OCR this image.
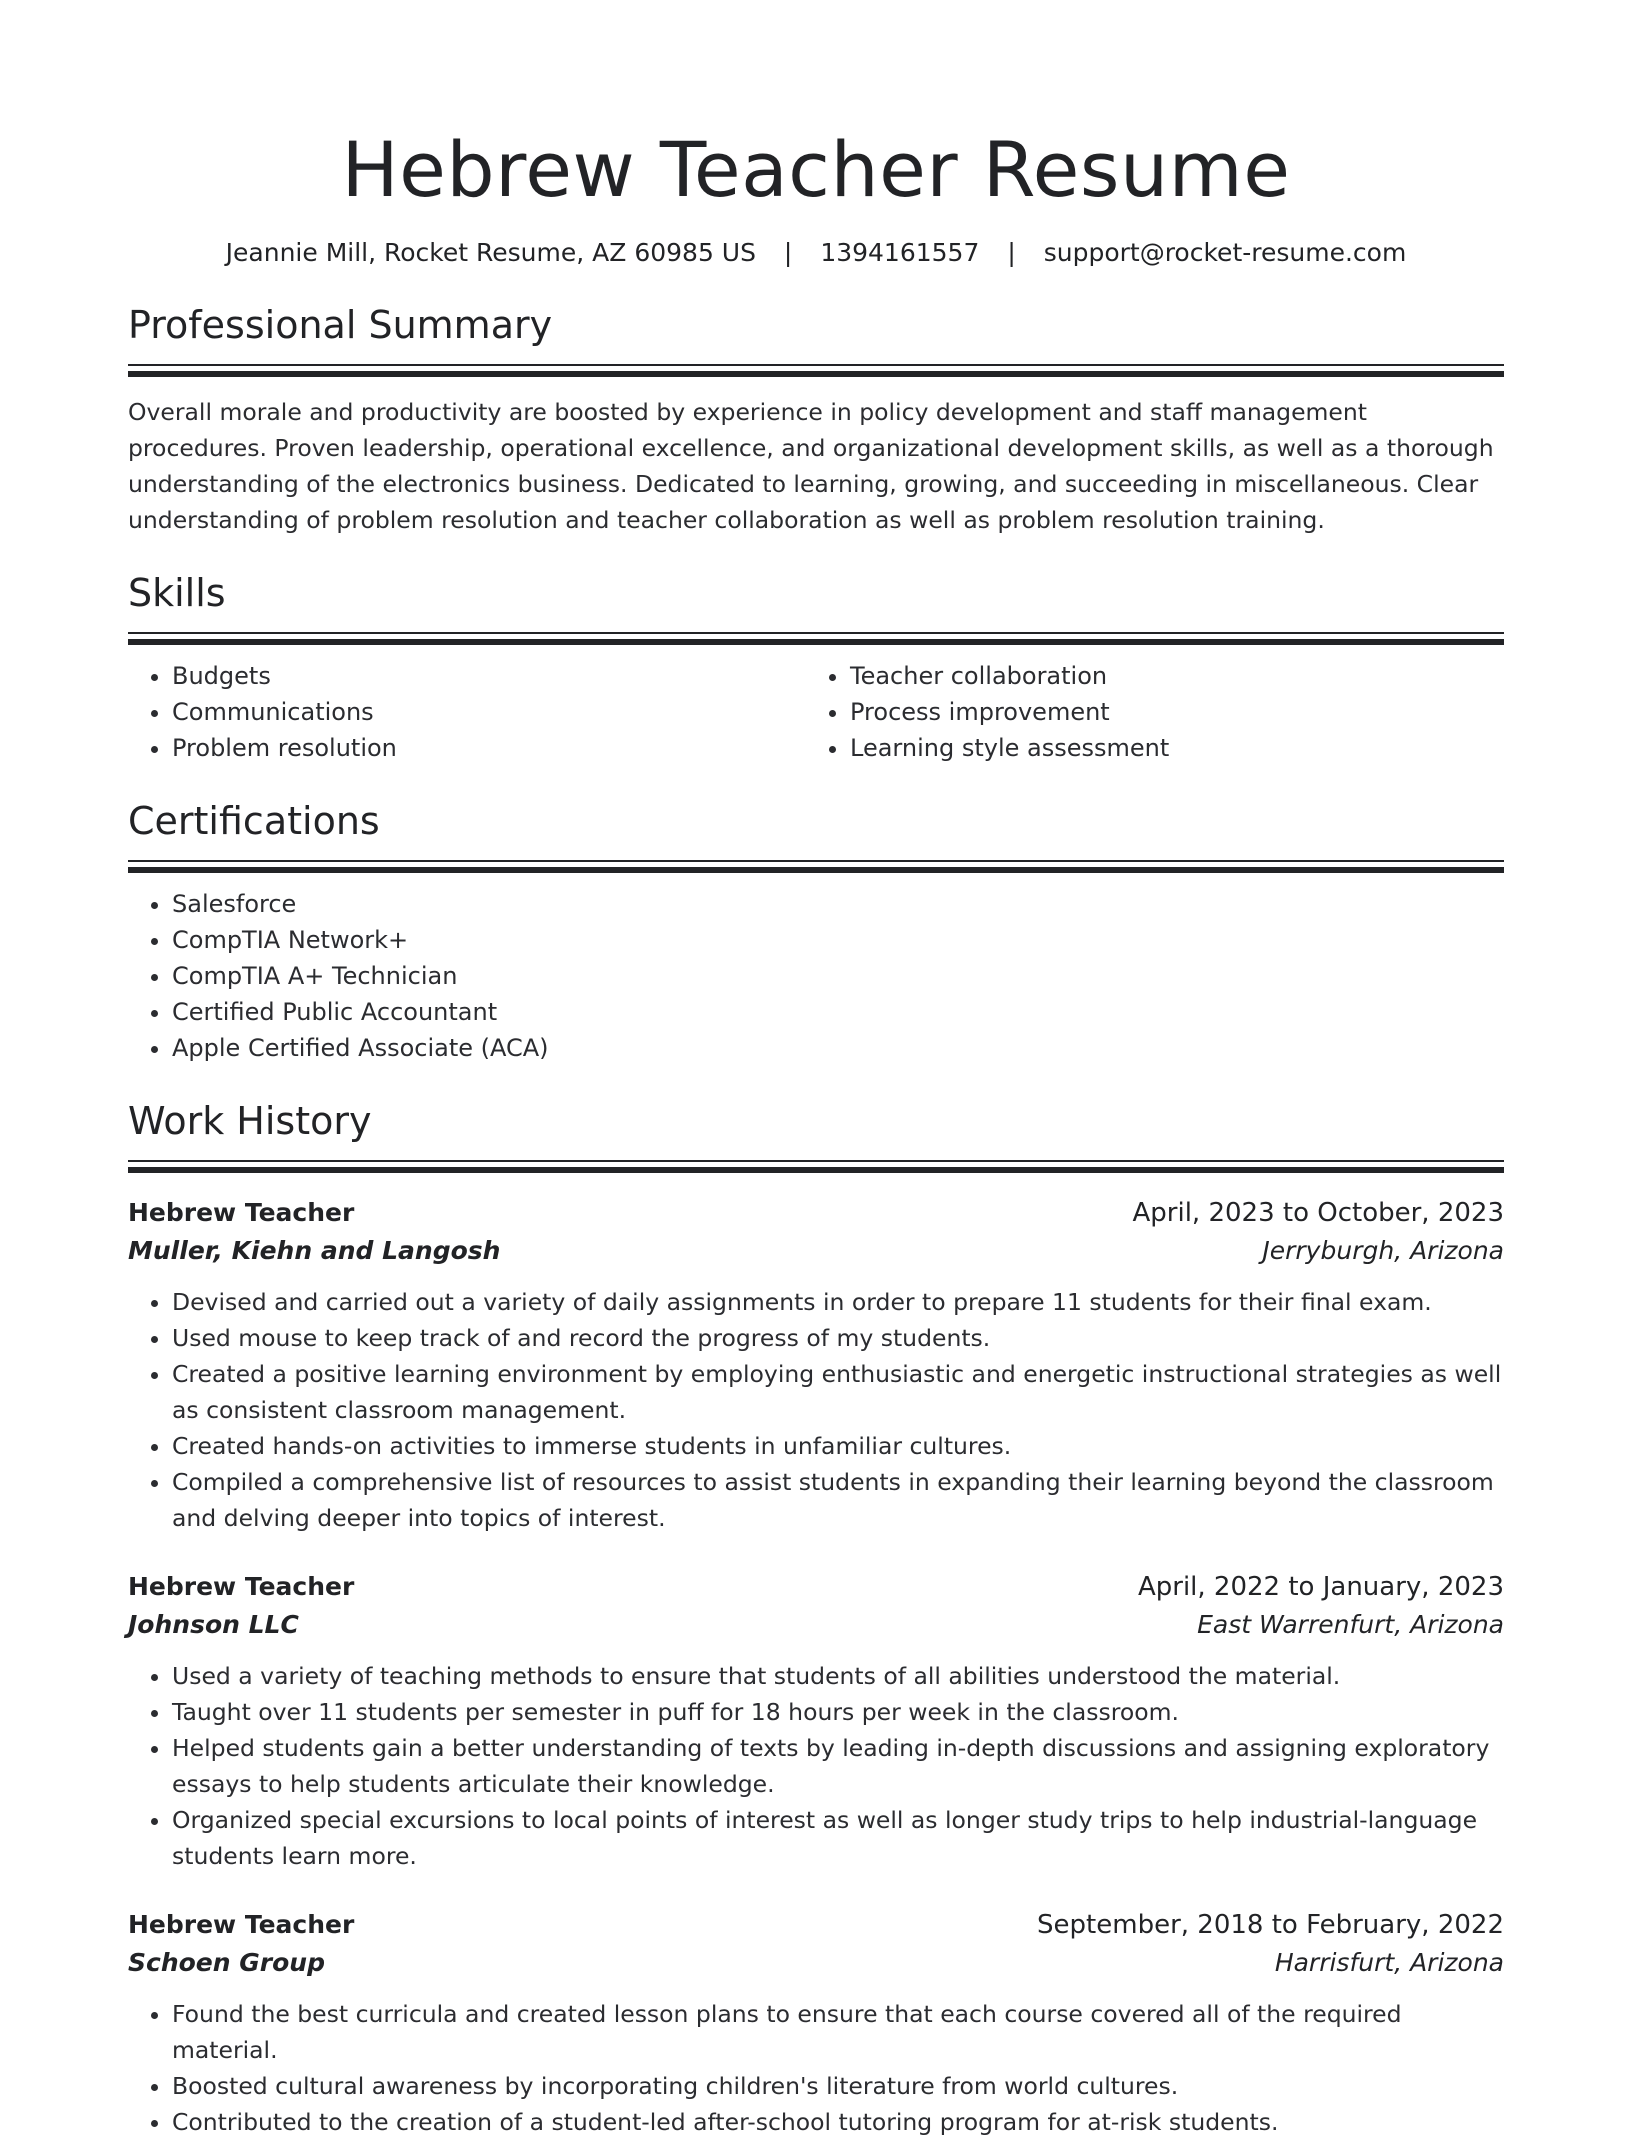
Hebrew Teacher Resume
Jeannie Mill, Rocket Resume, AZ 60985 US | 1394161557 | support@rocket-resume.com
Professional Summary
Overall morale and productivity are boosted by experience in policy development and staff management procedures. Proven leadership, operational excellence, and organizational development skills, as well as a thorough understanding of the electronics business. Dedicated to learning, growing, and succeeding in miscellaneous. Clear understanding of problem resolution and teacher collaboration as well as problem resolution training.
Skills
• Budgets
• Communications
• Problem resolution
• Teacher collaboration
• Process improvement
• Learning style assessment
Certifications
• Salesforce
• CompTIA Network+
• CompTIA A+ Technician
• Certified Public Accountant
• Apple Certified Associate (ACA)
Work History
Hebrew Teacher	April, 2023 to October, 2023
Muller, Kiehn and Langosh	Jerryburgh, Arizona
• Devised and carried out a variety of daily assignments in order to prepare 11 students for their final exam.
• Used mouse to keep track of and record the progress of my students.
• Created a positive learning environment by employing enthusiastic and energetic instructional strategies as well as consistent classroom management.
• Created hands-on activities to immerse students in unfamiliar cultures.
• Compiled a comprehensive list of resources to assist students in expanding their learning beyond the classroom and delving deeper into topics of interest.
Hebrew Teacher	April, 2022 to January, 2023
Johnson LLC	East Warrenfurt, Arizona
• Used a variety of teaching methods to ensure that students of all abilities understood the material.
• Taught over 11 students per semester in puff for 18 hours per week in the classroom.
• Helped students gain a better understanding of texts by leading in-depth discussions and assigning exploratory essays to help students articulate their knowledge.
• Organized special excursions to local points of interest as well as longer study trips to help industrial-language students learn more.
Hebrew Teacher	September, 2018 to February, 2022
Schoen Group	Harrisfurt, Arizona
• Found the best curricula and created lesson plans to ensure that each course covered all of the required material.
• Boosted cultural awareness by incorporating children's literature from world cultures.
• Contributed to the creation of a student-led after-school tutoring program for at-risk students.
